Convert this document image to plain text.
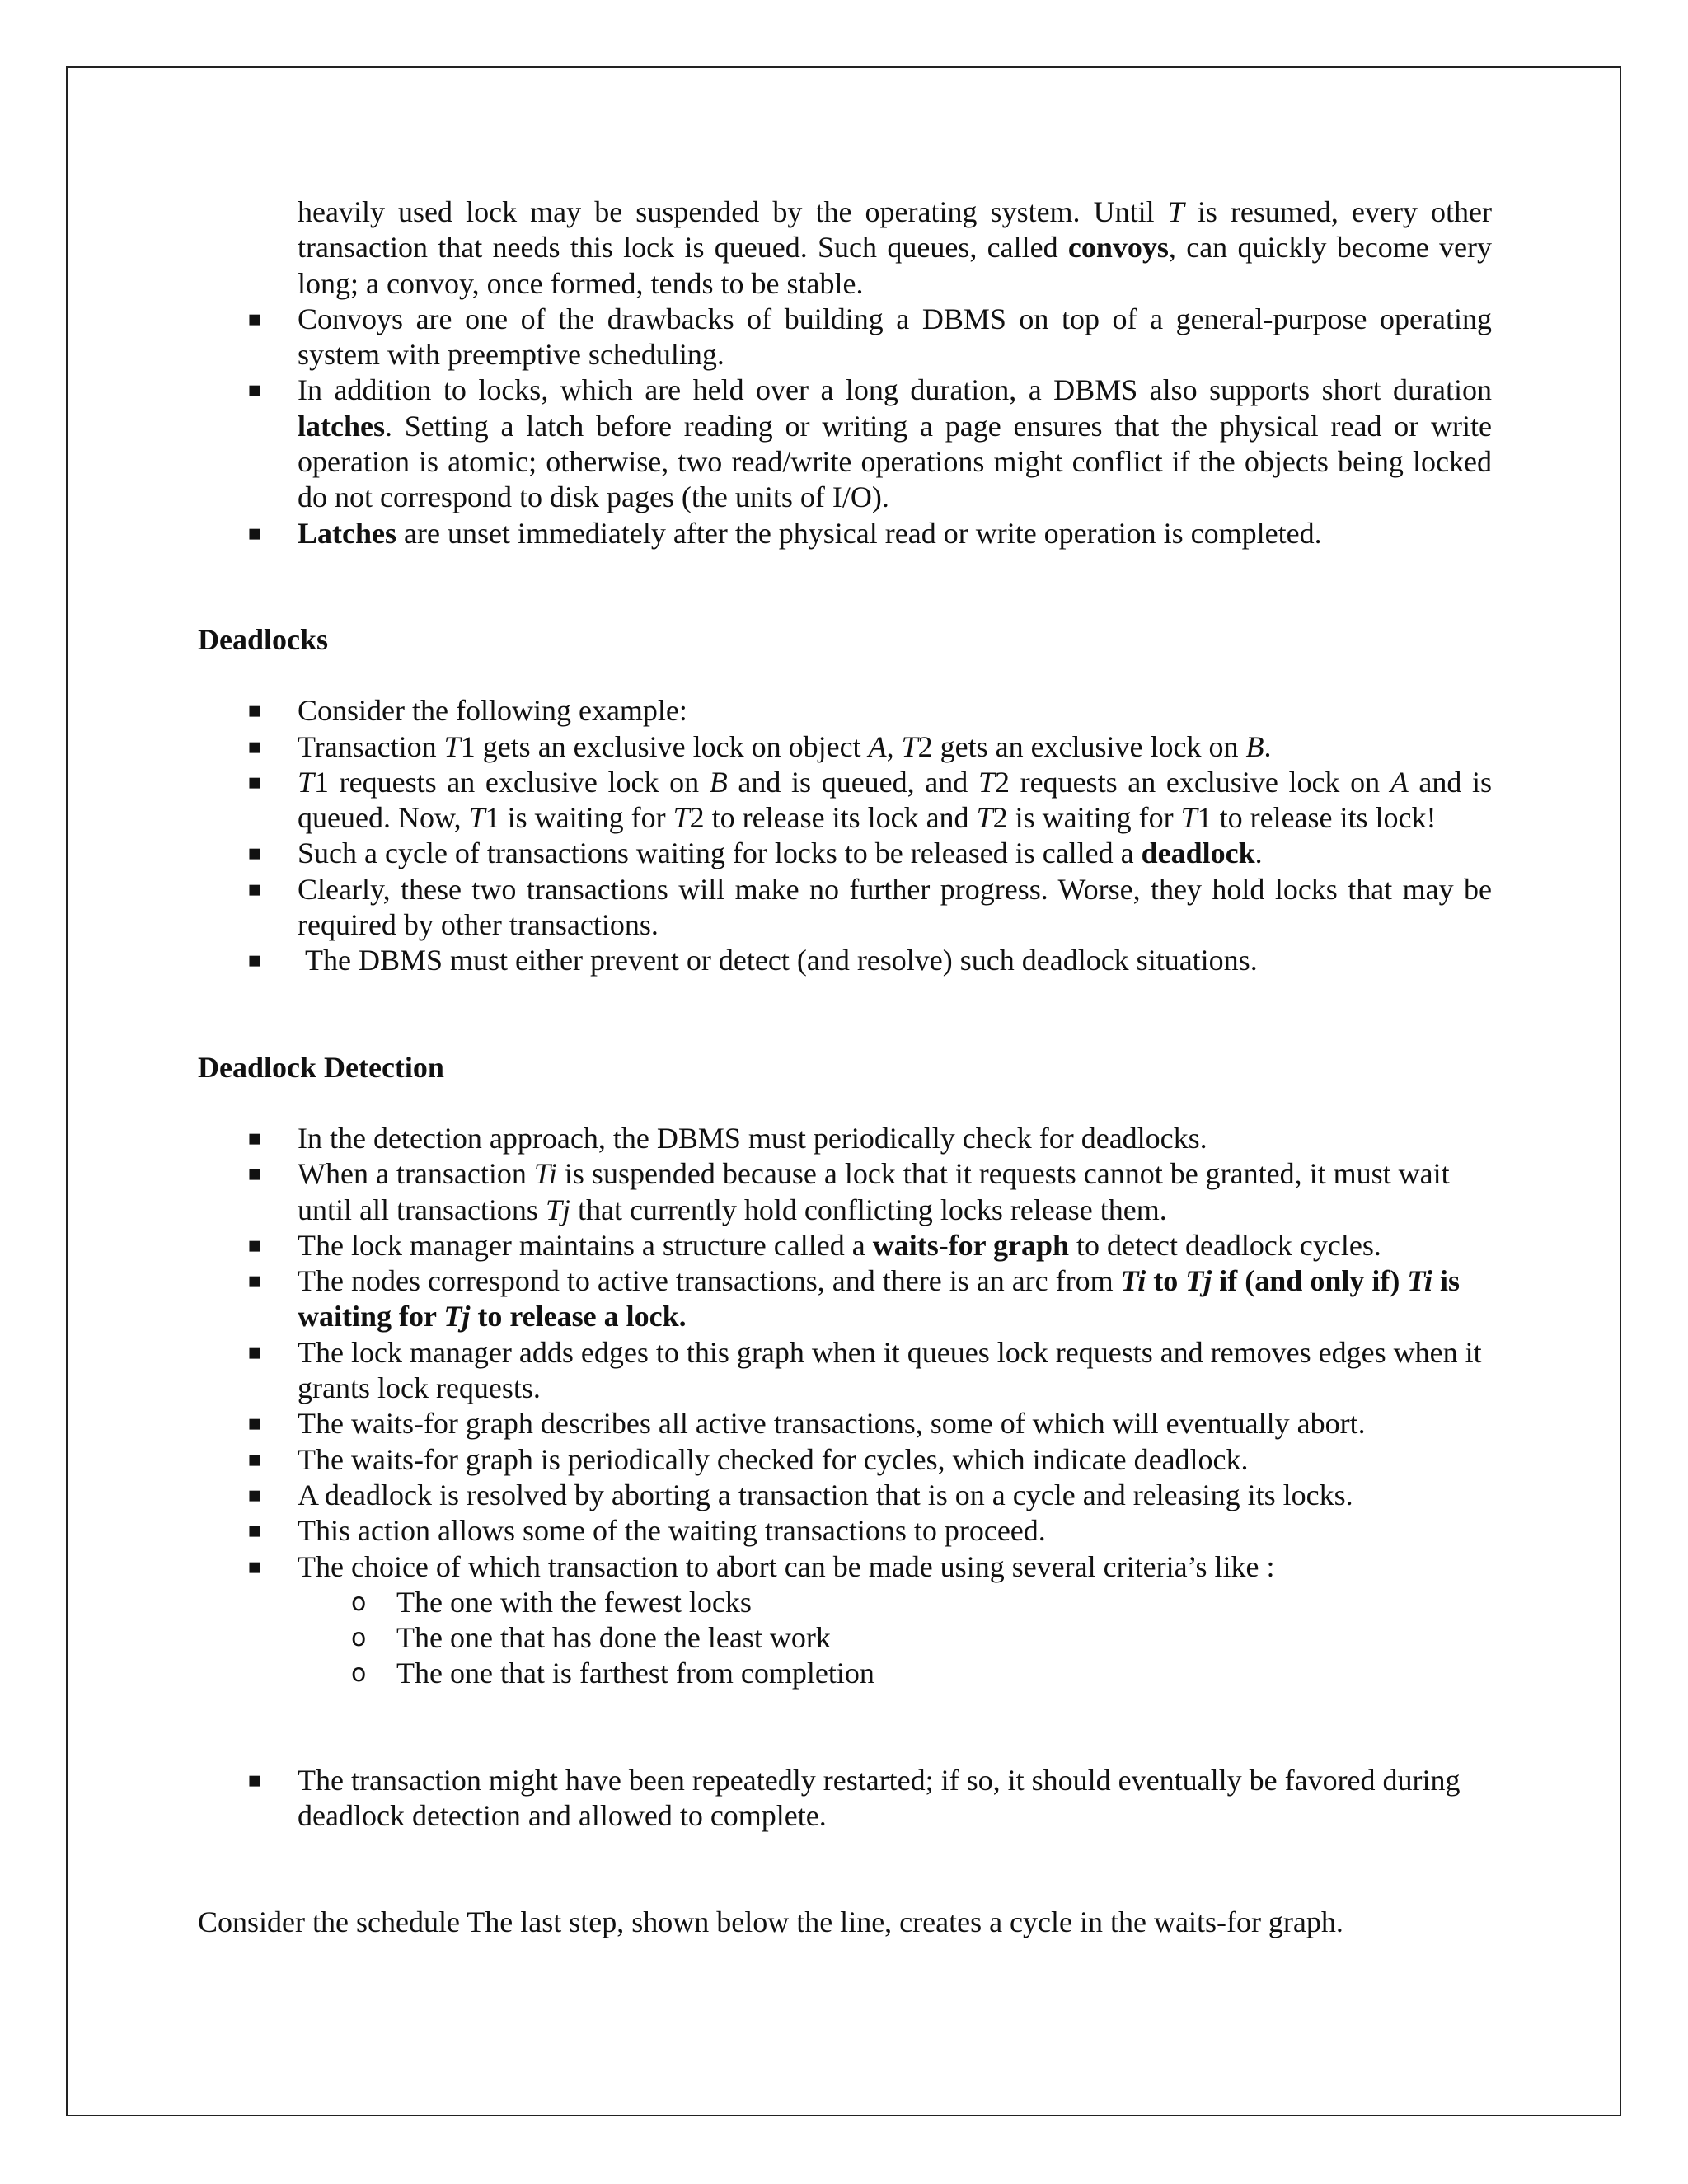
heavily used lock may be suspended by the operating system. Until T is resumed, every other transaction that needs this lock is queued. Such queues, called convoys, can quickly become very long; a convoy, once formed, tends to be stable.
▪ Convoys are one of the drawbacks of building a DBMS on top of a general-purpose operating system with preemptive scheduling.
▪ In addition to locks, which are held over a long duration, a DBMS also supports short duration latches. Setting a latch before reading or writing a page ensures that the physical read or write operation is atomic; otherwise, two read/write operations might conflict if the objects being locked do not correspond to disk pages (the units of I/O).
▪ Latches are unset immediately after the physical read or write operation is completed.
Deadlocks
▪ Consider the following example:
▪ Transaction T1 gets an exclusive lock on object A, T2 gets an exclusive lock on B.
▪ T1 requests an exclusive lock on B and is queued, and T2 requests an exclusive lock on A and is queued. Now, T1 is waiting for T2 to release its lock and T2 is waiting for T1 to release its lock!
▪ Such a cycle of transactions waiting for locks to be released is called a deadlock.
▪ Clearly, these two transactions will make no further progress. Worse, they hold locks that may be required by other transactions.
▪ The DBMS must either prevent or detect (and resolve) such deadlock situations.
Deadlock Detection
▪ In the detection approach, the DBMS must periodically check for deadlocks.
▪ When a transaction Ti is suspended because a lock that it requests cannot be granted, it must wait until all transactions Tj that currently hold conflicting locks release them.
▪ The lock manager maintains a structure called a waits-for graph to detect deadlock cycles.
▪ The nodes correspond to active transactions, and there is an arc from Ti to Tj if (and only if) Ti is waiting for Tj to release a lock.
▪ The lock manager adds edges to this graph when it queues lock requests and removes edges when it grants lock requests.
▪ The waits-for graph describes all active transactions, some of which will eventually abort.
▪ The waits-for graph is periodically checked for cycles, which indicate deadlock.
▪ A deadlock is resolved by aborting a transaction that is on a cycle and releasing its locks.
▪ This action allows some of the waiting transactions to proceed.
▪ The choice of which transaction to abort can be made using several criteria’s like :
o The one with the fewest locks
o The one that has done the least work
o The one that is farthest from completion
▪ The transaction might have been repeatedly restarted; if so, it should eventually be favored during deadlock detection and allowed to complete.
Consider the schedule The last step, shown below the line, creates a cycle in the waits-for graph.
